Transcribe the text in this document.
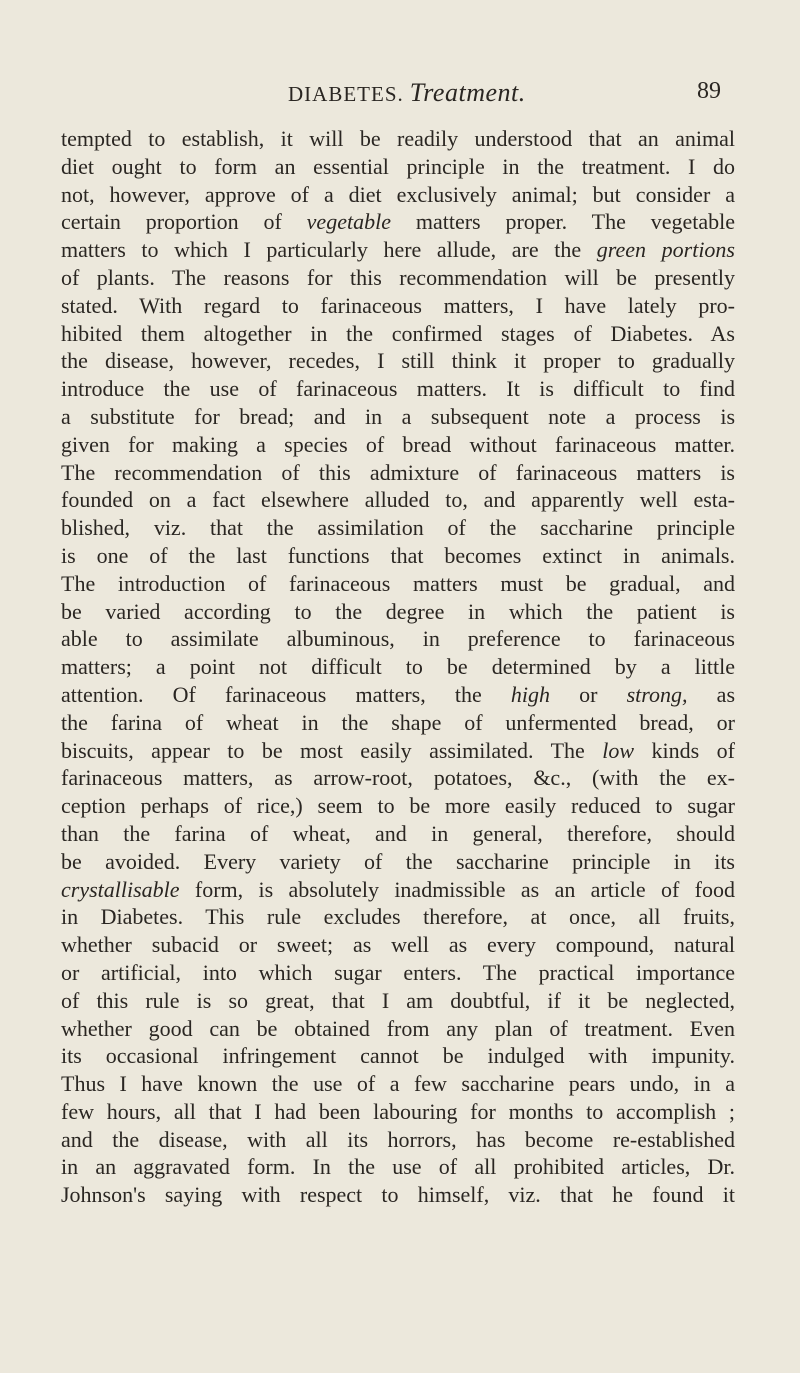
DIABETES. Treatment.	89
tempted to establish, it will be readily understood that an animal
diet ought to form an essential principle in the treatment. I do
not, however, approve of a diet exclusively animal; but consider a
certain proportion of vegetable matters proper. The vegetable
matters to which I particularly here allude, are the green portions
of plants. The reasons for this recommendation will be presently
stated. With regard to farinaceous matters, I have lately pro-
hibited them altogether in the confirmed stages of Diabetes. As
the disease, however, recedes, I still think it proper to gradually
introduce the use of farinaceous matters. It is difficult to find
a substitute for bread; and in a subsequent note a process is
given for making a species of bread without farinaceous matter.
The recommendation of this admixture of farinaceous matters is
founded on a fact elsewhere alluded to, and apparently well esta-
blished, viz. that the assimilation of the saccharine principle
is one of the last functions that becomes extinct in animals.
The introduction of farinaceous matters must be gradual, and
be varied according to the degree in which the patient is
able to assimilate albuminous, in preference to farinaceous
matters; a point not difficult to be determined by a little
attention. Of farinaceous matters, the high or strong, as
the farina of wheat in the shape of unfermented bread, or
biscuits, appear to be most easily assimilated. The low kinds of
farinaceous matters, as arrow-root, potatoes, &c., (with the ex-
ception perhaps of rice,) seem to be more easily reduced to sugar
than the farina of wheat, and in general, therefore, should
be avoided. Every variety of the saccharine principle in its
crystallisable form, is absolutely inadmissible as an article of food
in Diabetes. This rule excludes therefore, at once, all fruits,
whether subacid or sweet; as well as every compound, natural
or artificial, into which sugar enters. The practical importance
of this rule is so great, that I am doubtful, if it be neglected,
whether good can be obtained from any plan of treatment. Even
its occasional infringement cannot be indulged with impunity.
Thus I have known the use of a few saccharine pears undo, in a
few hours, all that I had been labouring for months to accomplish ;
and the disease, with all its horrors, has become re-established
in an aggravated form. In the use of all prohibited articles, Dr.
Johnson's saying with respect to himself, viz. that he found it
